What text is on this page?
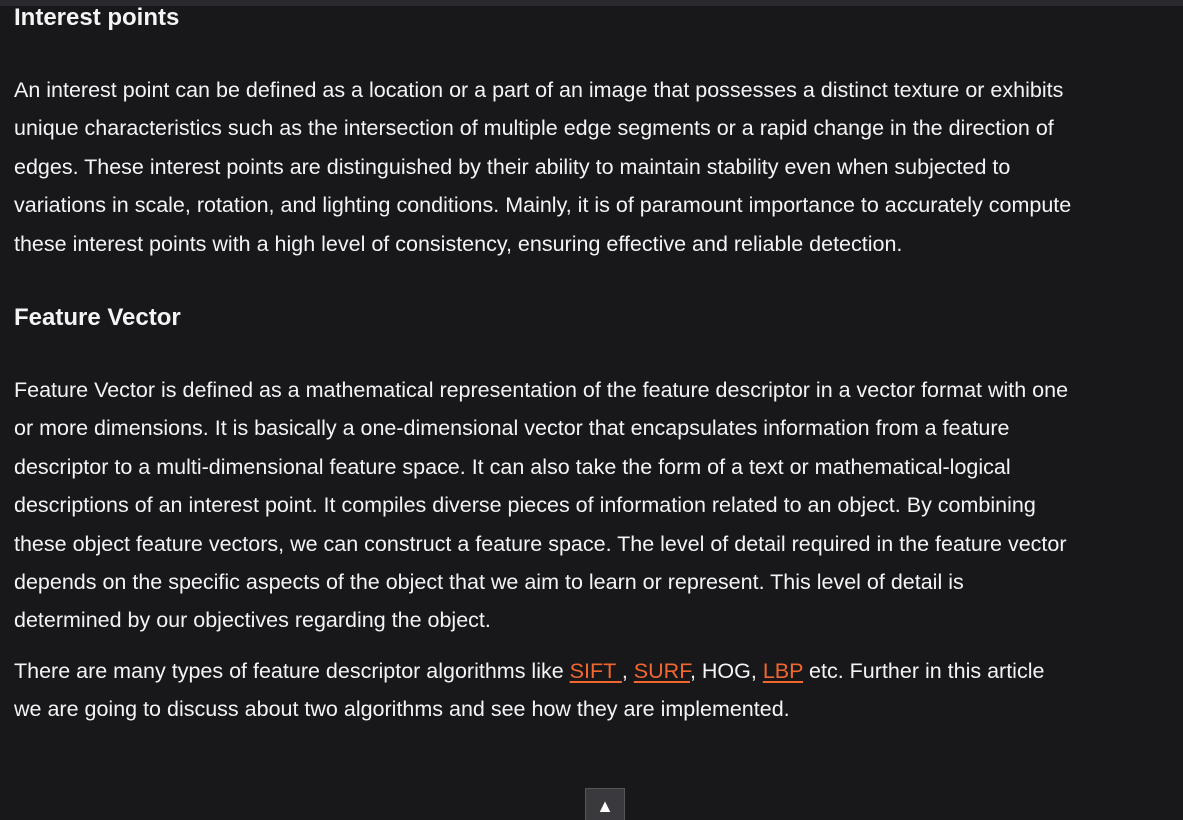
Interest points

An interest point can be defined as a location or a part of an image that possesses a distinct texture or exhibits unique characteristics such as the intersection of multiple edge segments or a rapid change in the direction of edges. These interest points are distinguished by their ability to maintain stability even when subjected to variations in scale, rotation, and lighting conditions. Mainly, it is of paramount importance to accurately compute these interest points with a high level of consistency, ensuring effective and reliable detection.

Feature Vector

Feature Vector is defined as a mathematical representation of the feature descriptor in a vector format with one or more dimensions. It is basically a one-dimensional vector that encapsulates information from a feature descriptor to a multi-dimensional feature space. It can also take the form of a text or mathematical-logical descriptions of an interest point. It compiles diverse pieces of information related to an object. By combining these object feature vectors, we can construct a feature space. The level of detail required in the feature vector depends on the specific aspects of the object that we aim to learn or represent. This level of detail is determined by our objectives regarding the object.

There are many types of feature descriptor algorithms like SIFT , SURF, HOG, LBP etc. Further in this article we are going to discuss about two algorithms and see how they are implemented.

▲
